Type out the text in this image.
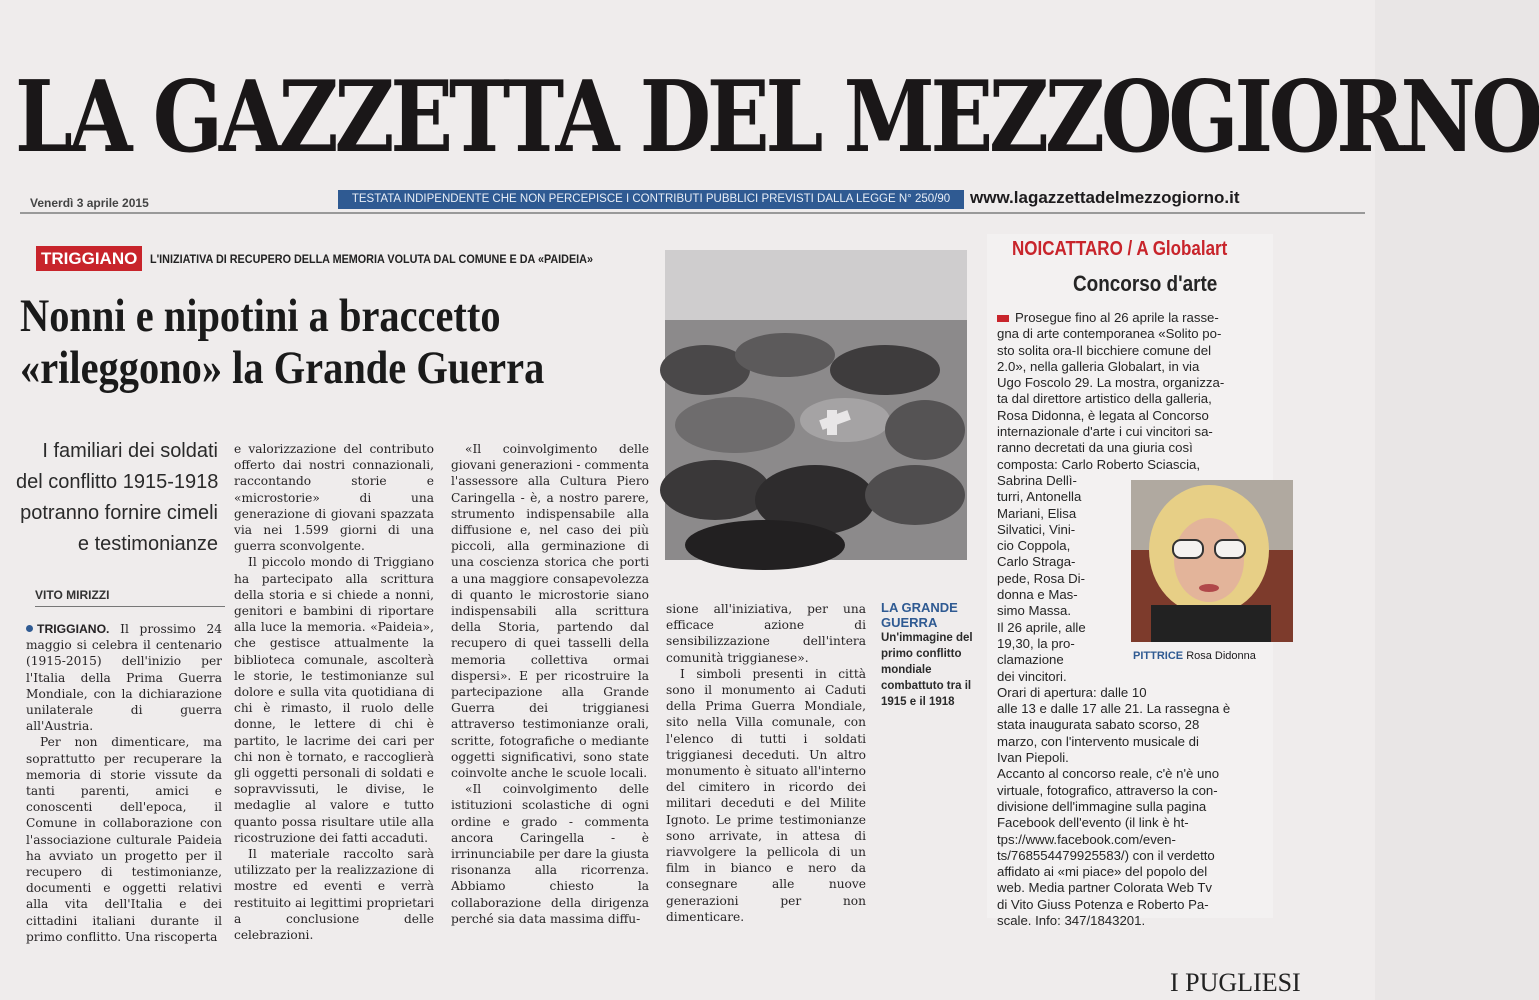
LA GAZZETTA DEL MEZZOGIORNO
Venerdì 3 aprile 2015	TESTATA INDIPENDENTE CHE NON PERCEPISCE I CONTRIBUTI PUBBLICI PREVISTI DALLA LEGGE N° 250/90	www.lagazzettadelmezzogiorno.it
TRIGGIANO	L'INIZIATIVA DI RECUPERO DELLA MEMORIA VOLUTA DAL COMUNE E DA «PAIDEIA»
Nonni e nipotini a braccetto
«rileggono» la Grande Guerra
I familiari dei soldati
del conflitto 1915-1918
potranno fornire cimeli
e testimonianze
VITO MIRIZZI

TRIGGIANO. Il prossimo 24 maggio si celebra il centenario (1915-2015) dell'inizio per l'Italia della Prima Guerra Mondiale, con la dichiarazione unilaterale di guerra all'Austria.

Per non dimenticare, ma soprattutto per recuperare la memoria di storie vissute da tanti parenti, amici e conoscenti dell'epoca, il Comune in collaborazione con l'associazione culturale Paideia ha avviato un progetto per il recupero di testimonianze, documenti e oggetti relativi alla vita dell'Italia e dei cittadini italiani durante il primo conflitto. Una riscoperta

e valorizzazione del contributo offerto dai nostri connazionali, raccontando storie e «microstorie» di una generazione di giovani spazzata via nei 1.599 giorni di una guerra sconvolgente.

Il piccolo mondo di Triggiano ha partecipato alla scrittura della storia e si chiede a nonni, genitori e bambini di riportare alla luce la memoria. «Paideia», che gestisce attualmente la biblioteca comunale, ascolterà le storie, le testimonianze sul dolore e sulla vita quotidiana di chi è rimasto, il ruolo delle donne, le lettere di chi è partito, le lacrime dei cari per chi non è tornato, e raccoglierà gli oggetti personali di soldati e sopravvissuti, le divise, le medaglie al valore e tutto quanto possa risultare utile alla ricostruzione dei fatti accaduti.

Il materiale raccolto sarà utilizzato per la realizzazione di mostre ed eventi e verrà restituito ai legittimi proprietari a conclusione delle celebrazioni.

«Il coinvolgimento delle giovani generazioni - commenta l'assessore alla Cultura Piero Caringella - è, a nostro parere, strumento indispensabile alla diffusione e, nel caso dei più piccoli, alla germinazione di una coscienza storica che porti a una maggiore consapevolezza di quanto le microstorie siano indispensabili alla scrittura della Storia, partendo dal recupero di quei tasselli della memoria collettiva ormai dispersi». E per ricostruire la partecipazione alla Grande Guerra dei triggianesi attraverso testimonianze orali, scritte, fotografiche o mediante oggetti significativi, sono state coinvolte anche le scuole locali.

«Il coinvolgimento delle istituzioni scolastiche di ogni ordine e grado - commenta ancora Caringella - è irrinunciabile per dare la giusta risonanza alla ricorrenza. Abbiamo chiesto la collaborazione della dirigenza perché sia data massima diffu-

sione all'iniziativa, per una efficace azione di sensibilizzazione dell'intera comunità triggianese».

I simboli presenti in città sono il monumento ai Caduti della Prima Guerra Mondiale, sito nella Villa comunale, con l'elenco di tutti i soldati triggianesi deceduti. Un altro monumento è situato all'interno del cimitero in ricordo dei militari deceduti e del Milite Ignoto. Le prime testimonianze sono arrivate, in attesa di riavvolgere la pellicola di un film in bianco e nero da consegnare alle nuove generazioni per non dimenticare.

LA GRANDE GUERRA
Un'immagine del primo conflitto mondiale combattuto tra il 1915 e il 1918
NOICATTARO / A Globalart
Concorso d'arte
Prosegue fino al 26 aprile la rasse-

gna di arte contemporanea «Solito po-
sto solita ora-Il bicchiere comune del
2.0», nella galleria Globalart, in via
Ugo Foscolo 29. La mostra, organizza-
ta dal direttore artistico della galleria,
Rosa Didonna, è legata al Concorso
internazionale d'arte i cui vincitori sa-
ranno decretati da una giuria così
composta: Carlo Roberto Sciascia,
Sabrina Dellì-
turri, Antonella
Mariani, Elisa
Silvatici, Vini-
cio Coppola,
Carlo Straga-
pede, Rosa Di-
donna e Mas-
simo Massa.
Il 26 aprile, alle
19,30, la pro-
clamazione
dei vincitori.
Orari di apertura: dalle 10
alle 13 e dalle 17 alle 21. La rassegna è
stata inaugurata sabato scorso, 28
marzo, con l'intervento musicale di
Ivan Piepoli.
Accanto al concorso reale, c'è n'è uno
virtuale, fotografico, attraverso la con-
divisione dell'immagine sulla pagina
Facebook dell'evento (il link è ht-
tps://www.facebook.com/even-
ts/768554479925583/) con il verdetto
affidato ai «mi piace» del popolo del
web. Media partner Colorata Web Tv
di Vito Giuss Potenza e Roberto Pa-
scale. Info: 347/1843201.
PITTRICE Rosa Didonna
I PUGLIESI
